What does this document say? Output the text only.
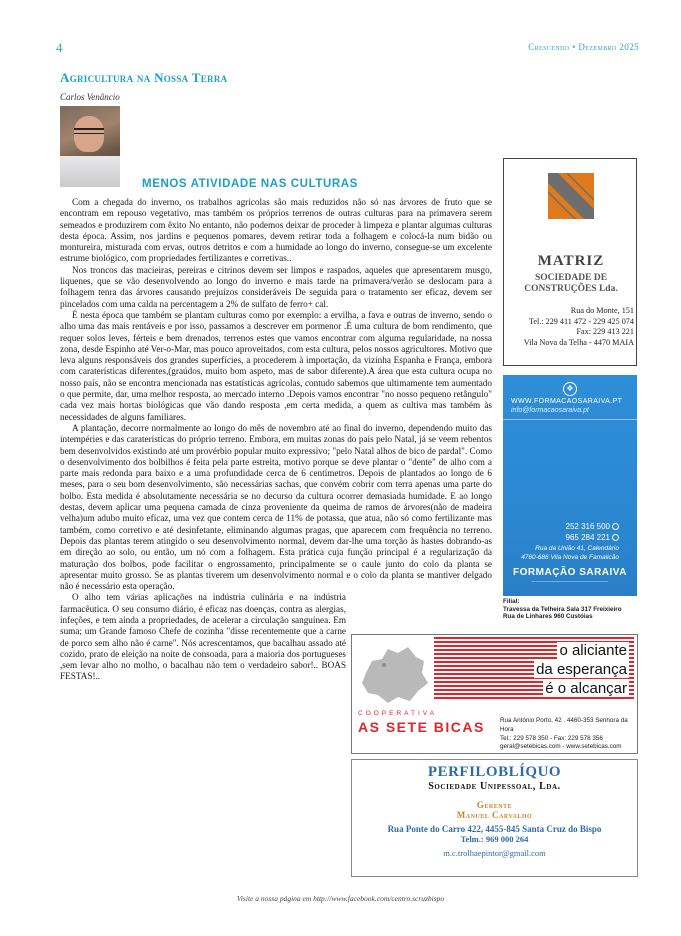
4	Crescendo • Dezembro 2025
Agricultura na Nossa Terra
Carlos Venâncio
MENOS ATIVIDADE NAS CULTURAS

Com a chegada do inverno, os trabalhos agrícolas são mais reduzidos não só nas árvores de fruto que se encontram em repouso vegetativo, mas também os próprios terrenos de outras culturas para na primavera serem semeados e produzirem com êxito No entanto, não podemos deixar de proceder à limpeza e plantar algumas culturas desta época. Assim, nos jardins e pequenos pomares, devem retirar toda a folhagem e colocá-la num bidão ou montureira, misturada com ervas, outros detritos e com a humidade ao longo do inverno, consegue-se um excelente estrume biológico, com propriedades fertilizantes e corretivas..

Nos troncos das macieiras, pereiras e citrinos devem ser limpos e raspados, aqueles que apresentarem musgo, liquenes, que se vão desenvolvendo ao longo do inverno e mais tarde na primavera/verão se deslocam para a folhagem tenra das árvores causando prejuízos consideráveis De seguida para o tratamento ser eficaz, devem ser pincelados com uma calda na percentagem a 2% de sulfato de ferro+ cal.

É nesta época que também se plantam culturas como por exemplo: a ervilha, a fava e outras de inverno, sendo o alho uma das mais rentáveis e por isso, passamos a descrever em pormenor .É uma cultura de bom rendimento, que requer solos leves, férteis e bem drenados, terrenos estes que vamos encontrar com alguma regularidade, na nossa zona, desde Espinho até Ver-o-Mar, mas pouco aproveitados, com esta cultura, pelos nossos agricultores. Motivo que leva alguns responsáveis dos grandes superfícies, a procederem à importação, da vizinha Espanha e França, embora com caraterísticas diferentes,(graúdos, muito bom aspeto, mas de sabor diferente).A área que esta cultura ocupa no nosso país, não se encontra mencionada nas estatísticas agrícolas, contudo sabemos que ultimamente tem aumentado o que permite, dar, uma melhor resposta, ao mercado interno .Depois vamos encontrar "no nosso pequeno retângulo" cada vez mais hortas biológicas que vão dando resposta ,em certa medida, a quem as cultiva mas também às necessidades de alguns familiares.

A plantação, decorre normalmente ao longo do mês de novembro até ao final do inverno, dependendo muito das intempéries e das caraterísticas do próprio terreno. Embora, em muitas zonas do país pelo Natal, já se veem rebentos bem desenvolvidos existindo até um provérbio popular muito expressivo; "pelo Natal alhos de bico de pardal". Como o desenvolvimento dos bolbilhos é feita pela parte estreita, motivo porque se deve plantar o "dente" de alho com a parte mais redonda para baixo e a uma profundidade cerca de 6 centímetros. Depois de plantados ao longo de 6 meses, para o seu bom desenvolvimento, são necessárias sachas, que convém cobrir com terra apenas uma parte do bolbo. Esta medida é absolutamente necessária se no decurso da cultura ocorrer demasiada humidade. E ao longo destas, devem aplicar uma pequena camada de cinza proveniente da queima de ramos de árvores(não de madeira velha)um adubo muito eficaz, uma vez que contem cerca de 11% de potassa, que atua, não só como fertilizante mas também, como corretivo e até desinfetante, eliminando algumas pragas, que aparecem com frequência no terreno. Depois das plantas terem atingido o seu desenvolvimento normal, devem dar-lhe uma torção às hastes dobrando-as em direção ao solo, ou então, um nó com a folhagem. Esta prática cuja função principal é a regularização da maturação dos bolbos, pode facilitar o engrossamento, principalmente se o caule junto do colo da planta se apresentar muito grosso. Se as plantas tiverem um desenvolvimento normal e o colo da planta se mantiver delgado não é necessário esta operação.

O alho tem várias aplicações na indústria culinária e na indústria farmacêutica. O seu consumo diário, é eficaz nas doenças, contra as alergias, infeções, e tem ainda a propriedades, de acelerar a circulação sanguínea. Em suma; um Grande famoso Chefe de cozinha "disse recentemente que a carne de porco sem alho não é carne". Nós acrescentamos, que bacalhau assado até cozido, prato de eleição na noite de consoada, para a maioria dos portugueses ,sem levar alho no molho, o bacalhau não tem o verdadeiro sabor!.. BOAS FESTAS!..

MATRIZ
SOCIEDADE DE CONSTRUÇÕES Lda.
Rua do Monte, 151
Tel.: 229 411 472 - 229 425 074
Fax: 229 413 221
Vila Nova da Telha - 4470 MAIA
❖
WWW.FORMACAOSARAIVA.PT
info@formacaosaraiva.pt
252 316 500
965 284 221
Rua da União 41, Calendário
4760-686 Vila Nova de Famalicão
FORMAÇÃO SARAIVA
────────────────────
Filial:
Travessa da Telheira Sala 317 Freixieiro
Rua de Linhares 960 Custóias
o aliciante
da esperança
é o alcançar
COOPERATIVA
AS SETE BICAS Rua António Porto, 42 . 4460-353 Senhora da Hora
Tel.: 229 578 350 - Fax: 229 578 356
geral@setebicas.com - www.setebicas.com
PERFILOBLÍQUO
Sociedade Unipessoal, Lda.
Gerente
Manuel Carvalho
Rua Ponte do Carro 422, 4455-845 Santa Cruz do Bispo
Telm.: 969 000 264
m.c.trolhaepintor@gmail.com
Visite a nossa página em http://www.facebook.com/centro.scruzbispo
